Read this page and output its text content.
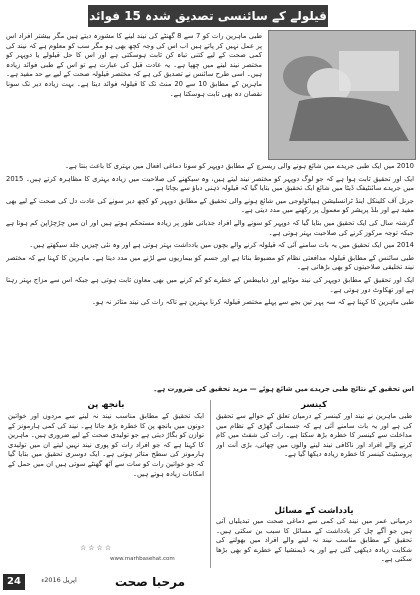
قیلولے کے سائنسی تصدیق شدہ 15 فوائد
طبی ماہرین رات کو 7 سے 8 گھنٹے کی نیند لینے کا مشورہ دیتے ہیں مگر بیشتر افراد اس پر عمل نہیں کر پاتے ہیں اب اس کی وجہ کچھ بھی ہو مگر سب کو معلوم ہے کہ نیند کی کمی صحت کے لیے کتنی تباہ کن ثابت ہوسکتی ہے اور اس کا حل قیلولے یا دوپہر کو مختصر نیند لینے میں چھپا ہے۔ یہ عادت قبل کی عبارت ہے تو اس کے طبی فوائد زیادہ ہیں۔ اسی طرح سائنس نے تصدیق کی ہے کہ مختصر قیلولہ صحت کے لیے بے حد مفید ہے۔ ماہرین کے مطابق 10 سے 20 منٹ تک کا قیلولہ فوائد دیتا ہے۔ بہت زیادہ دیر تک سونا نقصان دہ بھی ثابت ہوسکتا ہے۔

2010 میں ایک طبی جریدے میں شائع ہونے والی ریسرچ کے مطابق دوپہر کو سونا دماغی افعال میں بہتری کا باعث بنتا ہے۔

ایک اور تحقیق ثابت ہوا ہے کہ جو لوگ دوپہر کو مختصر نیند لیتے ہیں، وہ سیکھنے کی صلاحیت میں زیادہ بہتری کا مظاہرہ کرتے ہیں۔ 2015 میں جریدے سائنٹیفک ڈیٹا میں شائع ایک تحقیق میں بتایا گیا کہ قیلولہ ذہنی دباؤ سے بچاتا ہے۔

جرنل آف کلینکل اینڈ ٹرانسلیشن ہیپاٹولوجی میں شائع ہونے والی تحقیق کے مطابق دوپہر کو کچھ دیر سونے کی عادت دل کی صحت کے لیے بھی مفید ہے اور بلڈ پریشر کو معمول پر رکھنے میں مدد دیتی ہے۔

گزشتہ سال کی ایک تحقیق میں بتایا گیا کہ دوپہر کو سونے والے افراد جذباتی طور پر زیادہ مستحکم ہوتے ہیں اور ان میں چڑچڑاپن کم ہوتا ہے جبکہ توجہ مرکوز کرنے کی صلاحیت بہتر ہوتی ہے۔

2014 میں ایک تحقیق میں یہ بات سامنے آئی کہ قیلولہ کرنے والے بچوں میں یادداشت بہتر ہوتی ہے اور وہ نئی چیزیں جلد سیکھتے ہیں۔

طبی سائنس کے مطابق قیلولہ مدافعتی نظام کو مضبوط بناتا ہے اور جسم کو بیماریوں سے لڑنے میں مدد دیتا ہے۔ ماہرین کا کہنا ہے کہ مختصر نیند تخلیقی صلاحیتوں کو بھی بڑھاتی ہے۔

ایک اور تحقیق کے مطابق دوپہر کی نیند موٹاپے اور ذیابیطس کے خطرے کو کم کرنے میں بھی معاون ثابت ہوتی ہے جبکہ اس سے مزاج بہتر رہتا ہے اور تھکاوٹ دور ہوتی ہے۔

طبی ماہرین کا کہنا ہے کہ سہ پہر تین بجے سے پہلے مختصر قیلولہ کرنا بہترین ہے تاکہ رات کی نیند متاثر نہ ہو۔

اس تحقیق کے نتائج طبی جریدے میں شائع ہوئے — مزید تحقیق کی ضرورت ہے۔
کینسر
طبی ماہرین نے نیند اور کینسر کے درمیان تعلق کے حوالے سے تحقیق کی ہے اور یہ بات سامنے آئی ہے کہ جسمانی گھڑی کے نظام میں مداخلت سے کینسر کا خطرہ بڑھ سکتا ہے۔ رات کی شفٹ میں کام کرنے والے افراد اور ناکافی نیند لینے والوں میں چھاتی، بڑی آنت اور پروسٹیٹ کینسر کا خطرہ زیادہ دیکھا گیا ہے۔
یادداشت کے مسائل
درمیانی عمر میں نیند کی کمی سے دماغی صحت میں تبدیلیاں آتی ہیں جو آگے چل کر یادداشت کے مسائل کا سبب بن سکتی ہیں۔ تحقیق کے مطابق مناسب نیند نہ لینے والے افراد میں بھولنے کی شکایت زیادہ دیکھی گئی ہے اور یہ ڈیمنشیا کے خطرے کو بھی بڑھا سکتی ہے۔
بانجھ پن
ایک تحقیق کے مطابق مناسب نیند نہ لینے سے مردوں اور خواتین دونوں میں بانجھ پن کا خطرہ بڑھ جاتا ہے۔ نیند کی کمی ہارمونز کے توازن کو بگاڑ دیتی ہے جو تولیدی صحت کے لیے ضروری ہیں۔ ماہرین کا کہنا ہے کہ جو افراد رات کو پوری نیند نہیں لیتے ان میں تولیدی ہارمونز کی سطح متاثر ہوتی ہے۔ ایک دوسری تحقیق میں بتایا گیا کہ جو خواتین رات کو سات سے آٹھ گھنٹے سوتی ہیں ان میں حمل کے امکانات زیادہ ہوتے ہیں۔
☆☆☆☆
www.marhbasehat.com
24	اپریل 2016ء	مرحبا صحت
